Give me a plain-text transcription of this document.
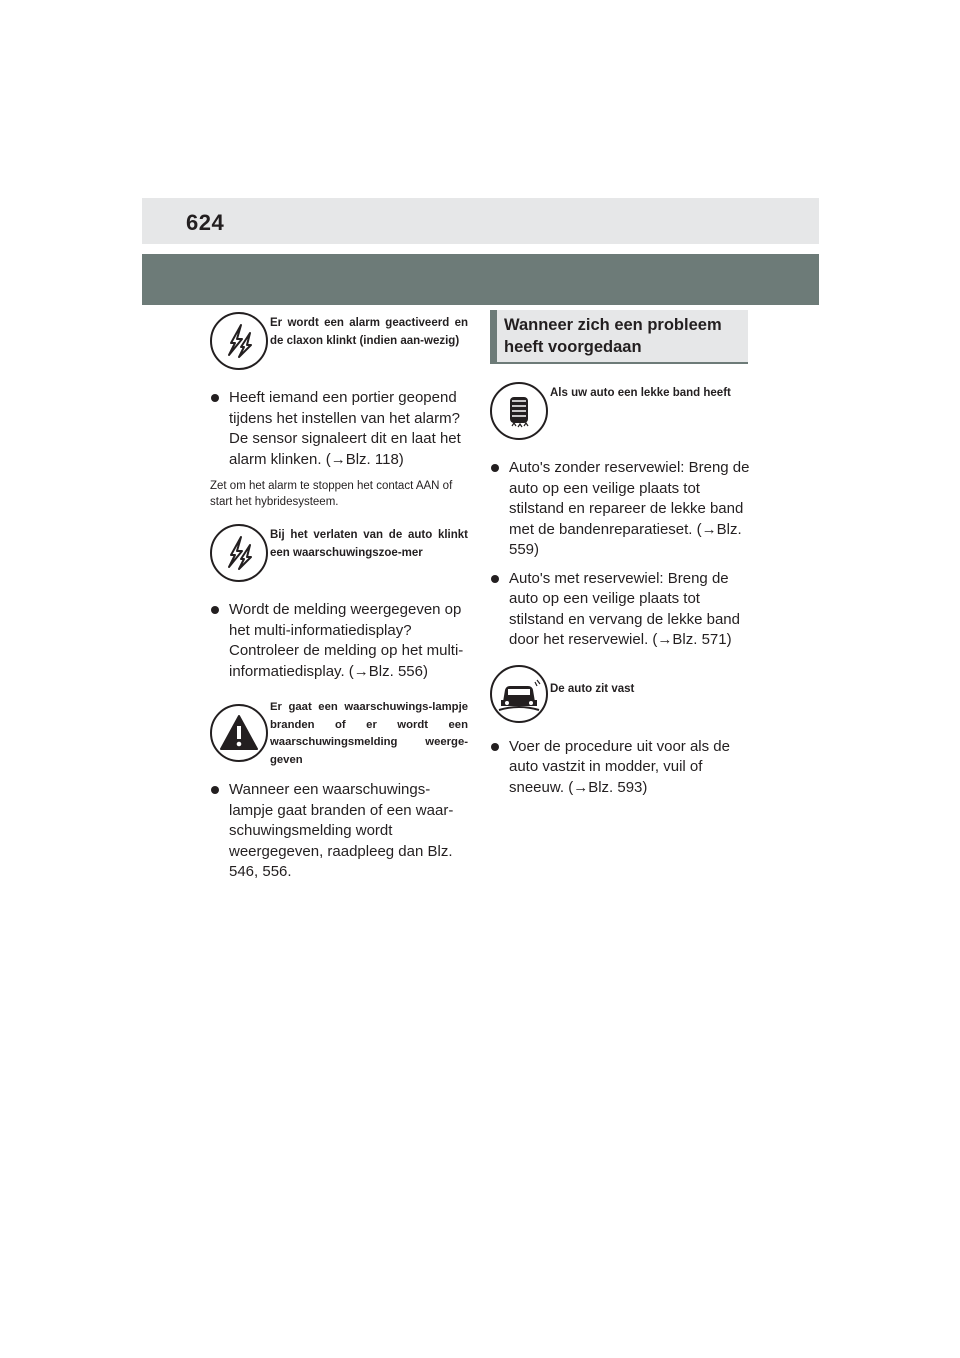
624
Er wordt een alarm geactiveerd en de claxon klinkt (indien aan-wezig)
Heeft iemand een portier geopend tijdens het instellen van het alarm? De sensor signaleert dit en laat het alarm klinken. (→Blz. 118)
Zet om het alarm te stoppen het contact AAN of start het hybridesysteem.
Bij het verlaten van de auto klinkt een waarschuwingszoe-mer
Wordt de melding weergegeven op het multi-informatiedisplay? Controleer de melding op het multi-informatiedisplay. (→Blz. 556)
Er gaat een waarschuwings-lampje branden of er wordt een waarschuwingsmelding weerge-geven
Wanneer een waarschuwings-lampje gaat branden of een waar-schuwingsmelding wordt weergegeven, raadpleeg dan Blz. 546, 556.
Wanneer zich een probleem heeft voorgedaan
Als uw auto een lekke band heeft
Auto's zonder reservewiel: Breng de auto op een veilige plaats tot stilstand en repareer de lekke band met de bandenreparatieset. (→Blz. 559)
Auto's met reservewiel: Breng de auto op een veilige plaats tot stilstand en vervang de lekke band door het reservewiel. (→Blz. 571)
De auto zit vast
Voer de procedure uit voor als de auto vastzit in modder, vuil of sneeuw. (→Blz. 593)
